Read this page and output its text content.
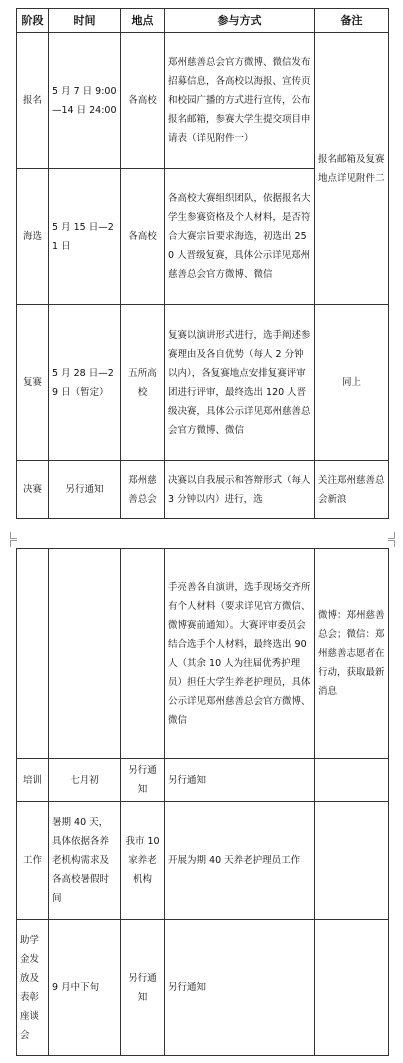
阶段	时间	地点	参与方式	备注
报名	5 月 7 日 9:00—14 日 24:00	各高校	郑州慈善总会官方微博、微信发布招募信息，各高校以海报、宣传页和校园广播的方式进行宣传，公布报名邮箱，参赛大学生提交项目申请表（详见附件一）	报名邮箱及复赛地点详见附件二
海选	5 月 15 日—21 日	各高校	各高校大赛组织团队，依据报名大学生参赛资格及个人材料，是否符合大赛宗旨要求海选，初选出 250 人晋级复赛，具体公示详见郑州慈善总会官方微博、微信	
复赛	5 月 28 日—29 日（暂定）	五所高校	复赛以演讲形式进行，选手阐述参赛理由及各自优势（每人 2 分钟以内），各复赛地点安排复赛评审团进行评审，最终选出 120 人晋级决赛，具体公示详见郑州慈善总会官方微博、微信	同上
决赛	另行通知	郑州慈善总会	决赛以自我展示和答辩形式（每人 3 分钟以内）进行，选	关注郑州慈善总会新浪
			手亮善各自演讲，选手现场交齐所有个人材料（要求详见官方微信、微博赛前通知）。大赛评审委员会结合选手个人材料，最终选出 90 人（其余 10 人为往届优秀护理员）担任大学生养老护理员，具体公示详见郑州慈善总会官方微博、微信	微博：郑州慈善总会；微信：郑州慈善志愿者在行动，获取最新消息
培训	七月初	另行通知	另行通知	
工作	暑期 40 天，具体依据各养老机构需求及各高校暑假时间	我市 10 家养老机构	开展为期 40 天养老护理员工作	
助学金发放及表彰座谈会	9 月中下旬	另行通知	另行通知	
